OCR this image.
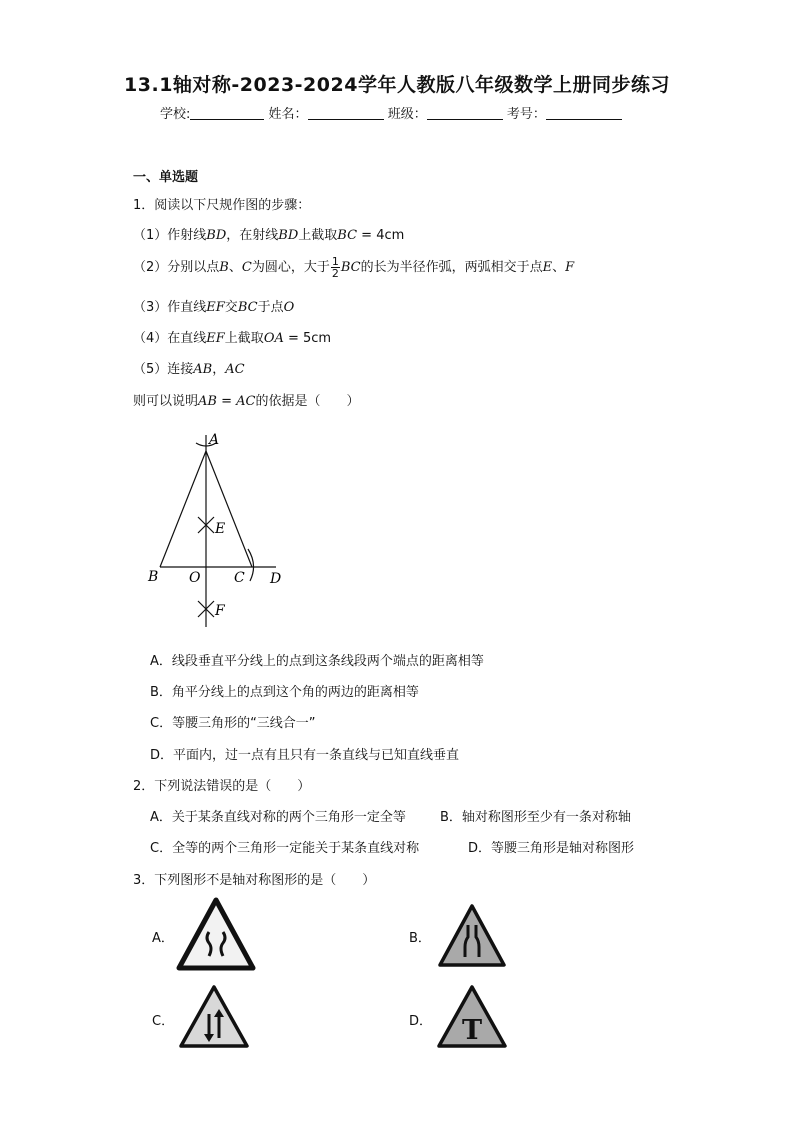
13.1轴对称-2023-2024学年人教版八年级数学上册同步练习
学校:	姓名：	班级：	考号：
一、单选题
1．阅读以下尺规作图的步骤：
（1）作射线BD，在射线BD上截取BC = 4cm
（2）分别以点B、C为圆心，大于 $\frac{1}{2}$ BC的长为半径作弧，两弧相交于点E、F
（3）作直线EF交BC于点O
（4）在直线EF上截取OA = 5cm
（5）连接AB，AC
则可以说明AB = AC的依据是（　　）
A
B O C D
E
F
A．线段垂直平分线上的点到这条线段两个端点的距离相等
B．角平分线上的点到这个角的两边的距离相等
C．等腰三角形的“三线合一”
D．平面内，过一点有且只有一条直线与已知直线垂直
2．下列说法错误的是（　　）
A．关于某条直线对称的两个三角形一定全等	B．轴对称图形至少有一条对称轴
C．全等的两个三角形一定能关于某条直线对称	D．等腰三角形是轴对称图形
3．下列图形不是轴对称图形的是（　　）
A．	B．
C．	D． T
